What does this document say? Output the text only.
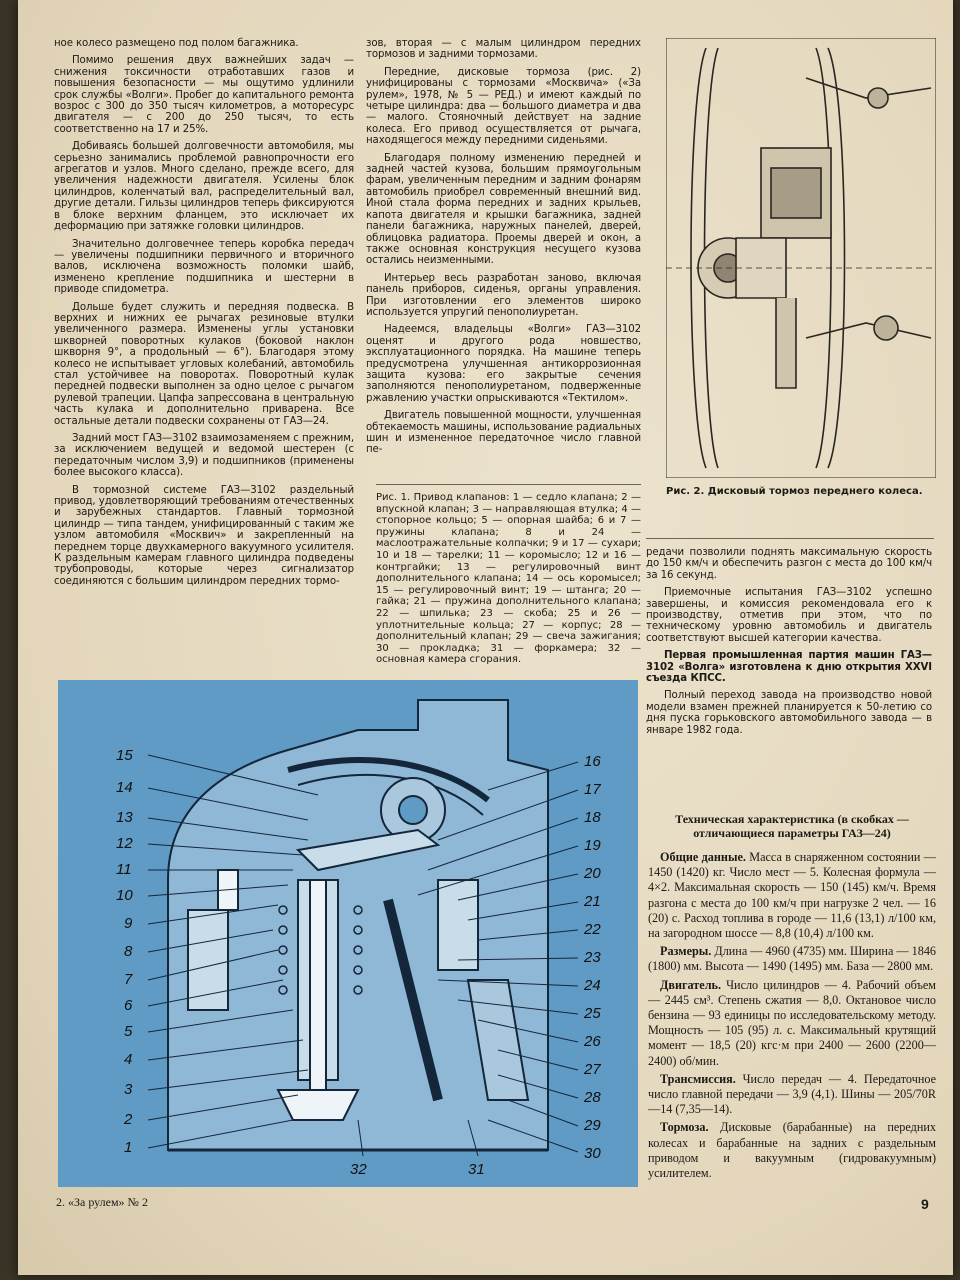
ное колесо размещено под полом багажника.

Помимо решения двух важнейших задач — снижения токсичности отработавших газов и повышения безопасности — мы ощутимо удлинили срок службы «Волги». Пробег до капитального ремонта возрос с 300 до 350 тысяч километров, а моторесурс двигателя — с 200 до 250 тысяч, то есть соответственно на 17 и 25%.

Добиваясь большей долговечности автомобиля, мы серьезно занимались проблемой равнопрочности его агрегатов и узлов. Много сделано, прежде всего, для увеличения надежности двигателя. Усилены блок цилиндров, коленчатый вал, распределительный вал, другие детали. Гильзы цилиндров теперь фиксируются в блоке верхним фланцем, это исключает их деформацию при затяжке головки цилиндров.

Значительно долговечнее теперь коробка передач — увеличены подшипники первичного и вторичного валов, исключена возможность поломки шайб, изменено крепление подшипника и шестерни в приводе спидометра.

Дольше будет служить и передняя подвеска. В верхних и нижних ее рычагах резиновые втулки увеличенного размера. Изменены углы установки шкворней поворотных кулаков (боковой наклон шкворня 9°, а продольный — 6°). Благодаря этому колесо не испытывает угловых колебаний, автомобиль стал устойчивее на поворотах. Поворотный кулак передней подвески выполнен за одно целое с рычагом рулевой трапеции. Цапфа запрессована в центральную часть кулака и дополнительно приварена. Все остальные детали подвески сохранены от ГАЗ—24.

Задний мост ГАЗ—3102 взаимозаменяем с прежним, за исключением ведущей и ведомой шестерен (с передаточным числом 3,9) и подшипников (применены более высокого класса).

В тормозной системе ГАЗ—3102 раздельный привод, удовлетворяющий требованиям отечественных и зарубежных стандартов. Главный тормозной цилиндр — типа тандем, унифицированный с таким же узлом автомобиля «Москвич» и закрепленный на переднем торце двухкамерного вакуумного усилителя. К раздельным камерам главного цилиндра подведены трубопроводы, которые через сигнализатор соединяются с большим цилиндром передних тормо-

зов, вторая — с малым цилиндром передних тормозов и задними тормозами.

Передние, дисковые тормоза (рис. 2) унифицированы с тормозами «Москвича» («За рулем», 1978, № 5 — РЕД.) и имеют каждый по четыре цилиндра: два — большого диаметра и два — малого. Стояночный действует на задние колеса. Его привод осуществляется от рычага, находящегося между передними сиденьями.

Благодаря полному изменению передней и задней частей кузова, большим прямоугольным фарам, увеличенным передним и задним фонарям автомобиль приобрел современный внешний вид. Иной стала форма передних и задних крыльев, капота двигателя и крышки багажника, задней панели багажника, наружных панелей, дверей, облицовка радиатора. Проемы дверей и окон, а также основная конструкция несущего кузова остались неизменными.

Интерьер весь разработан заново, включая панель приборов, сиденья, органы управления. При изготовлении его элементов широко используется упругий пенополиуретан.

Надеемся, владельцы «Волги» ГАЗ—3102 оценят и другого рода новшество, эксплуатационного порядка. На машине теперь предусмотрена улучшенная антикоррозионная защита кузова: его закрытые сечения заполняются пенополиуретаном, подверженные ржавлению участки опрыскиваются «Тектилом».

Двигатель повышенной мощности, улучшенная обтекаемость машины, использование радиальных шин и измененное передаточное число главной пе-

Рис. 1. Привод клапанов: 1 — седло клапана; 2 — впускной клапан; 3 — направляющая втулка; 4 — стопорное кольцо; 5 — опорная шайба; 6 и 7 — пружины клапана; 8 и 24 — маслоотражательные колпачки; 9 и 17 — сухари; 10 и 18 — тарелки; 11 — коромысло; 12 и 16 — контргайки; 13 — регулировочный винт дополнительного клапана; 14 — ось коромысел; 15 — регулировочный винт; 19 — штанга; 20 — гайка; 21 — пружина дополнительного клапана; 22 — шпилька; 23 — скоба; 25 и 26 — уплотнительные кольца; 27 — корпус; 28 — дополнительный клапан; 29 — свеча зажигания; 30 — прокладка; 31 — форкамера; 32 — основная камера сгорания.
Рис. 2. Дисковый тормоз переднего колеса.

редачи позволили поднять максимальную скорость до 150 км/ч и обеспечить разгон с места до 100 км/ч за 16 секунд.

Приемочные испытания ГАЗ—3102 успешно завершены, и комиссия рекомендовала его к производству, отметив при этом, что по техническому уровню автомобиль и двигатель соответствуют высшей категории качества.

Первая промышленная партия машин ГАЗ—3102 «Волга» изготовлена к дню открытия XXVI съезда КПСС.

Полный переход завода на производство новой модели взамен прежней планируется к 50-летию со дня пуска горьковского автомобильного завода — в январе 1982 года.

15
14
13
12
11
10
9
8
7
6
5
4
3
2
1
16
17
18
19
20
21
22
23
24
25
26
27
28
29
30
32	31
Техническая характеристика (в скобках — отличающиеся параметры ГАЗ—24)

Общие данные. Масса в снаряженном состоянии — 1450 (1420) кг. Число мест — 5. Колесная формула — 4×2. Максимальная скорость — 150 (145) км/ч. Время разгона с места до 100 км/ч при нагрузке 2 чел. — 16 (20) с. Расход топлива в городе — 11,6 (13,1) л/100 км, на загородном шоссе — 8,8 (10,4) л/100 км.

Размеры. Длина — 4960 (4735) мм. Ширина — 1846 (1800) мм. Высота — 1490 (1495) мм. База — 2800 мм.

Двигатель. Число цилиндров — 4. Рабочий объем — 2445 см³. Степень сжатия — 8,0. Октановое число бензина — 93 единицы по исследовательскому методу. Мощность — 105 (95) л. с. Максимальный крутящий момент — 18,5 (20) кгс·м при 2400 — 2600 (2200—2400) об/мин.

Трансмиссия. Число передач — 4. Передаточное число главной передачи — 3,9 (4,1). Шины — 205/70R—14 (7,35—14).

Тормоза. Дисковые (барабанные) на передних колесах и барабанные на задних с раздельным приводом и вакуумным (гидровакуумным) усилителем.

2. «За рулем» № 2	9
